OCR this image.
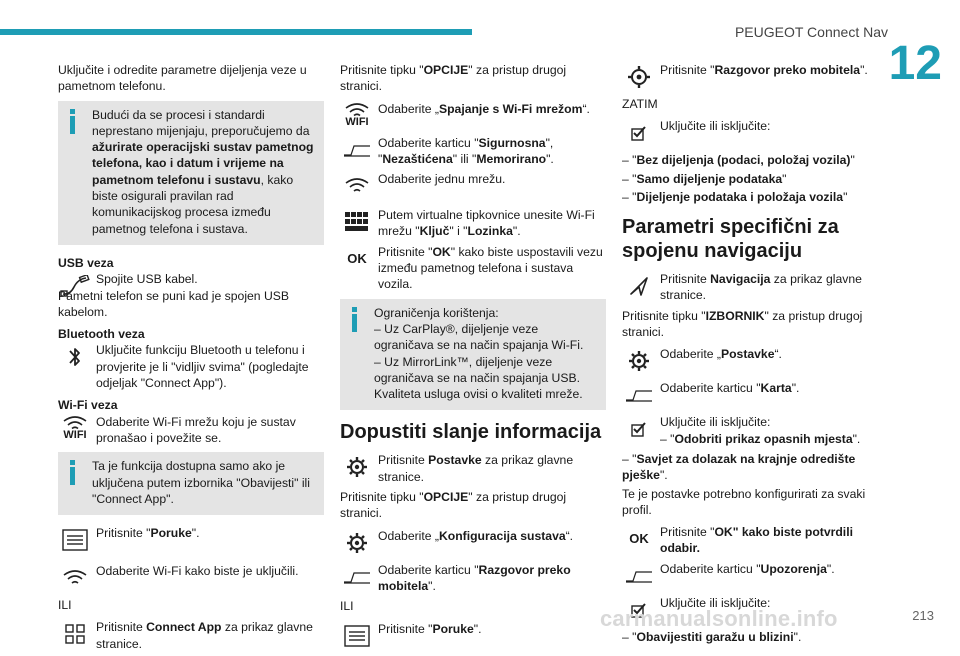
PEUGEOT Connect Nav
12

Uključite i odredite parametre dijeljenja veze u pametnom telefonu.

Budući da se procesi i standardi neprestano mijenjaju, preporučujemo da ažurirate operacijski sustav pametnog telefona, kao i datum i vrijeme na pametnom telefonu i sustavu, kako biste osigurali pravilan rad komunikacijskog procesa između pametnog telefona i sustava.
USB veza
Spojite USB kabel.
Pametni telefon se puni kad je spojen USB kabelom.
Bluetooth veza
Uključite funkciju Bluetooth u telefonu i provjerite je li "vidljiv svima" (pogledajte odjeljak "Connect App").
Wi-Fi veza
WIFI
Odaberite Wi-Fi mrežu koju je sustav pronašao i povežite se.
Ta je funkcija dostupna samo ako je uključena putem izbornika "Obavijesti" ili "Connect App".
Pritisnite "Poruke".
Odaberite Wi-Fi kako biste je uključili.
ILI
Pritisnite Connect App za prikaz glavne stranice.

Pritisnite tipku "OPCIJE" za pristup drugoj stranici.

WIFI
Odaberite „Spajanje s Wi-Fi mrežom“.
Odaberite karticu "Sigurnosna", "Nezaštićena" ili "Memorirano".
Odaberite jednu mrežu.
Putem virtualne tipkovnice unesite Wi-Fi mrežu "Ključ" i "Lozinka".
OK Pritisnite "OK" kako biste uspostavili vezu između pametnog telefona i sustava vozila.
Ograničenja korištenja:
– Uz CarPlay®, dijeljenje veze ograničava se na način spajanja Wi-Fi.
– Uz MirrorLink™, dijeljenje veze ograničava se na način spajanja USB.
Kvaliteta usluga ovisi o kvaliteti mreže.
Dopustiti slanje informacija
Pritisnite Postavke za prikaz glavne stranice.

Pritisnite tipku "OPCIJE" za pristup drugoj stranici.

Odaberite „Konfiguracija sustava“.
Odaberite karticu "Razgovor preko mobitela".
ILI
Pritisnite "Poruke".
Pritisnite "Razgovor preko mobitela".
ZATIM
Uključite ili isključite:
– "Bez dijeljenja (podaci, položaj vozila)"
– "Samo dijeljenje podataka"
– "Dijeljenje podataka i položaja vozila"
Parametri specifični za spojenu navigaciju
Pritisnite Navigacija za prikaz glavne stranice.

Pritisnite tipku "IZBORNIK" za pristup drugoj stranici.

Odaberite „Postavke“.
Odaberite karticu "Karta".
Uključite ili isključite:
– "Odobriti prikaz opasnih mjesta".
– "Savjet za dolazak na krajnje odredište pješke".

Te je postavke potrebno konfigurirati za svaki profil.

OK Pritisnite "OK" kako biste potvrdili odabir.
Odaberite karticu "Upozorenja".
Uključite ili isključite:
– "Obavijestiti garažu u blizini".
carmanualsonline.info	213
